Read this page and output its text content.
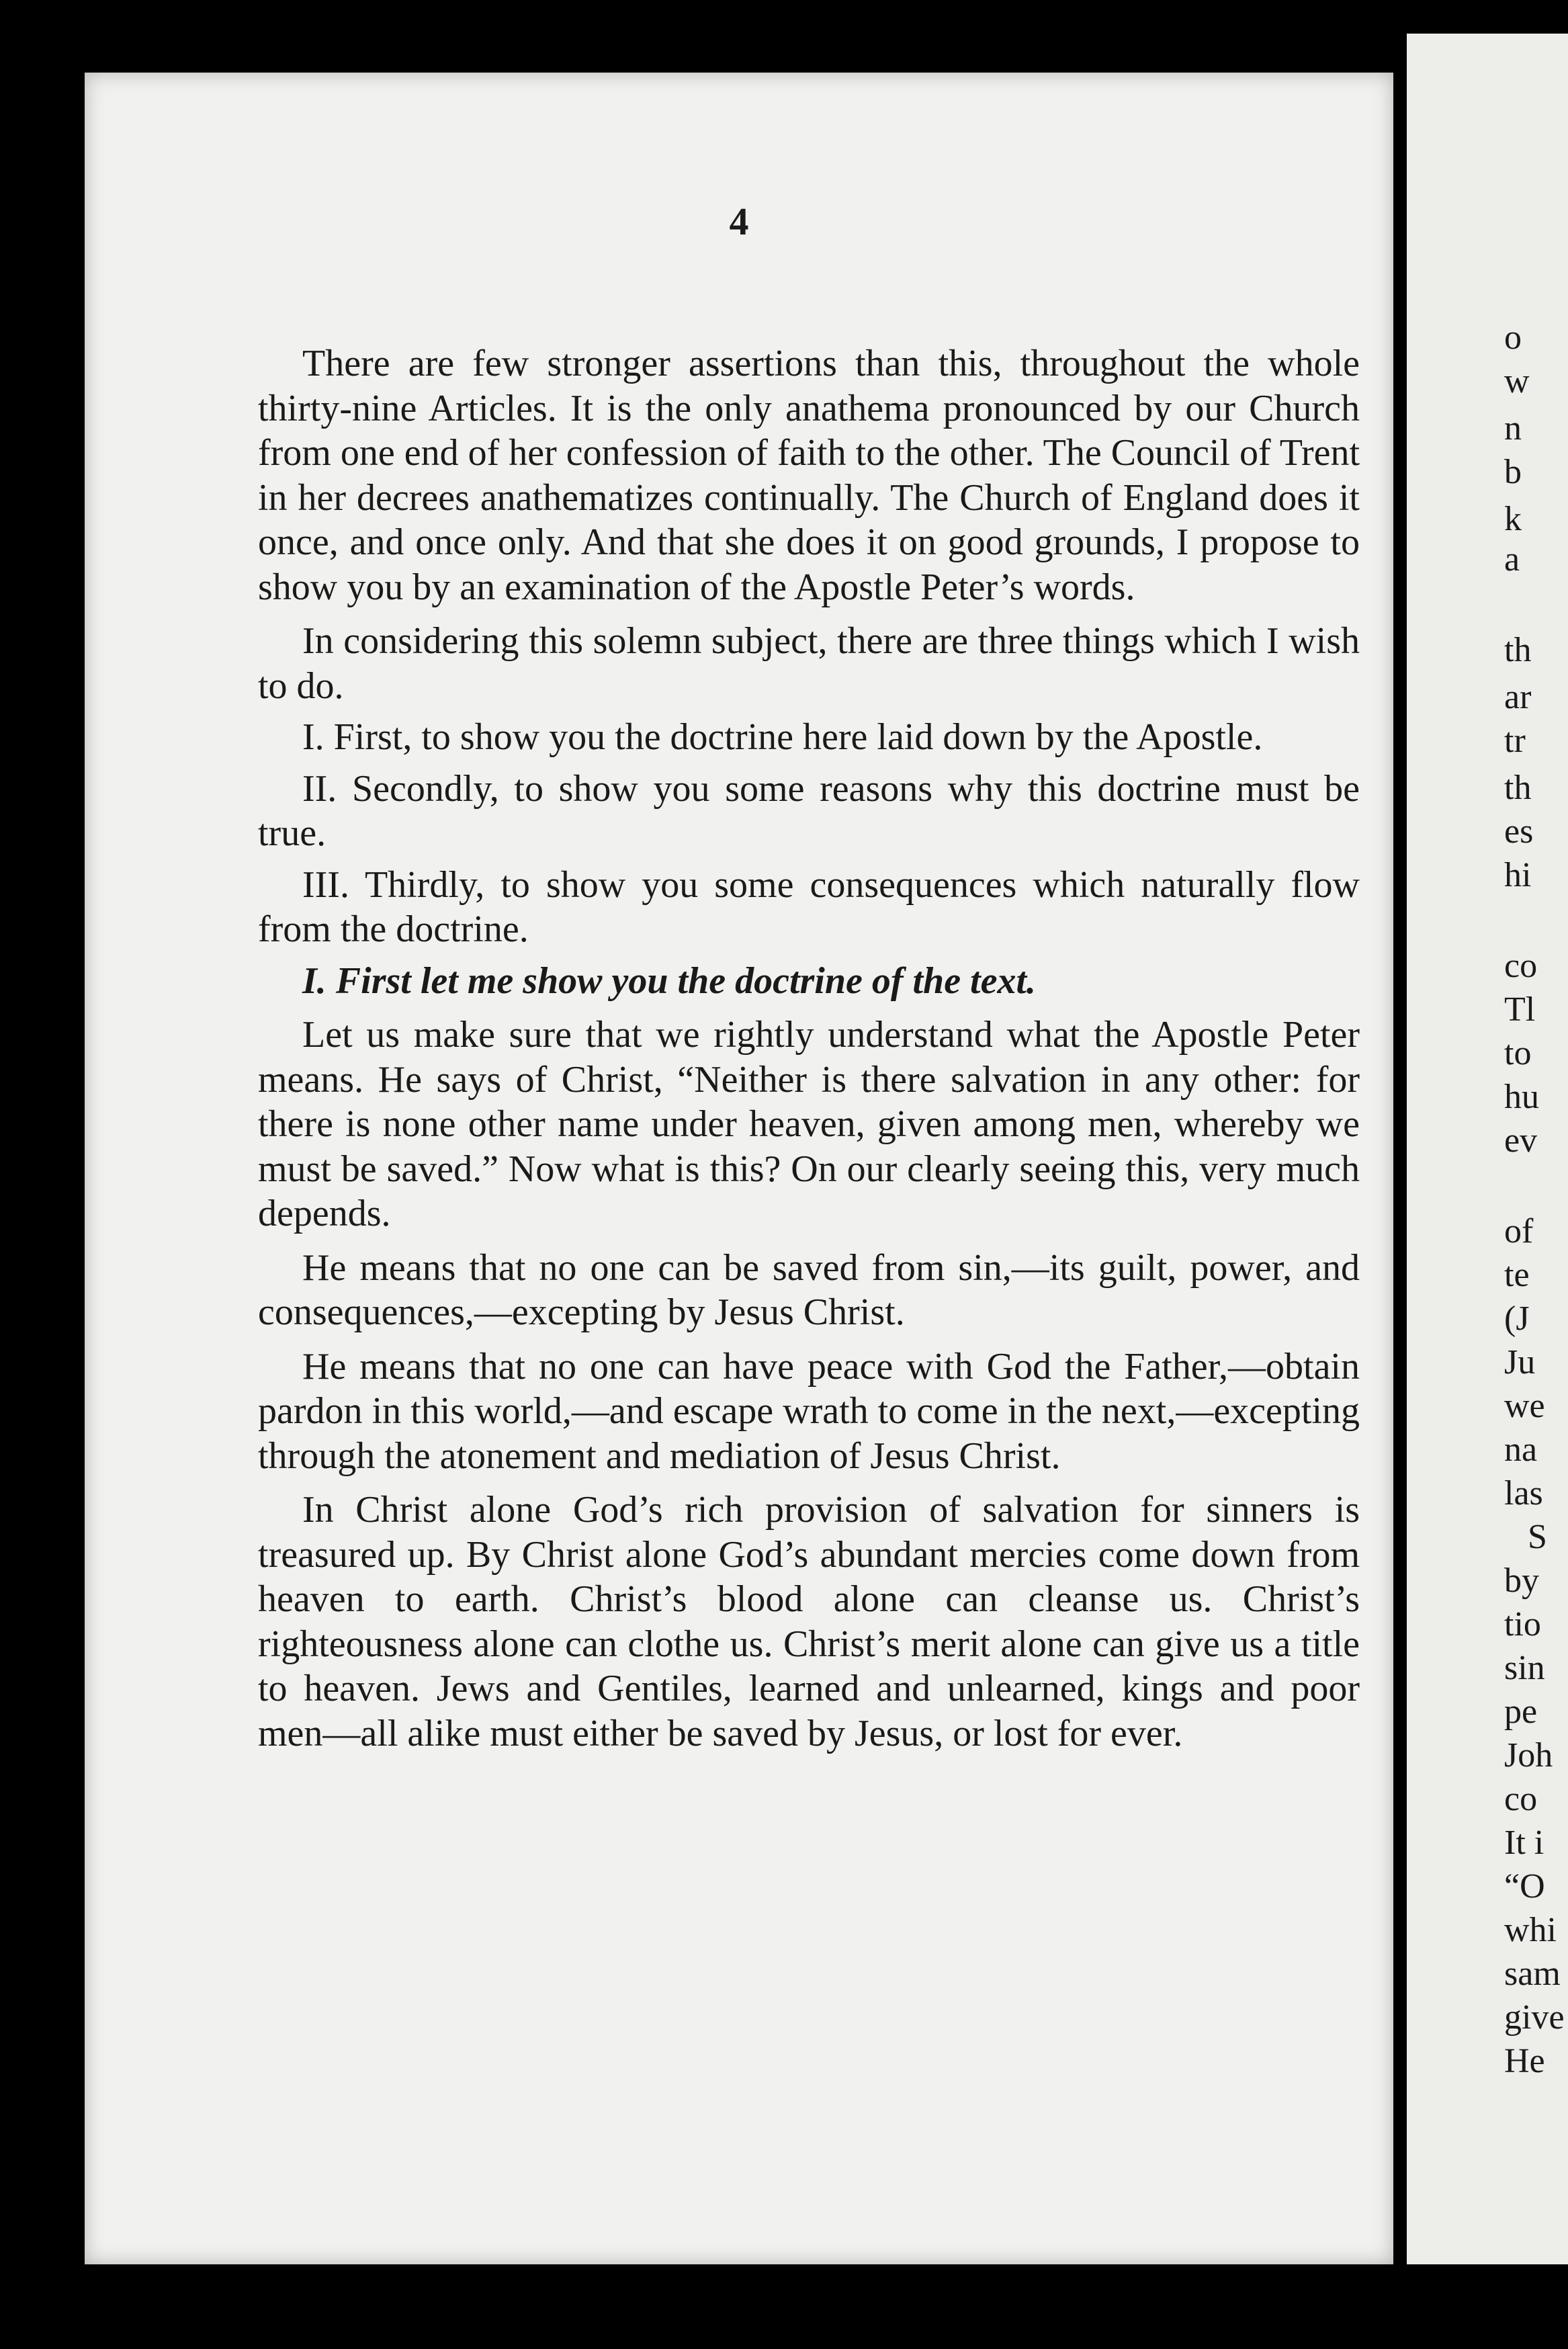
4

There are few stronger assertions than this, throughout the whole thirty-nine Articles. It is the only anathema pronounced by our Church from one end of her confession of faith to the other. The Council of Trent in her decrees anathematizes continually. The Church of England does it once, and once only. And that she does it on good grounds, I propose to show you by an examination of the Apostle Peter’s words.

In considering this solemn subject, there are three things which I wish to do.

I. First, to show you the doctrine here laid down by the Apostle.

II. Secondly, to show you some reasons why this doctrine must be true.

III. Thirdly, to show you some consequences which naturally flow from the doctrine.

I. First let me show you the doctrine of the text.

Let us make sure that we rightly understand what the Apostle Peter means. He says of Christ, “Neither is there salvation in any other: for there is none other name under heaven, given among men, whereby we must be saved.” Now what is this? On our clearly seeing this, very much depends.

He means that no one can be saved from sin,—its guilt, power, and consequences,—excepting by Jesus Christ.

He means that no one can have peace with God the Father,—obtain pardon in this world,—and escape wrath to come in the next,—excepting through the atonement and mediation of Jesus Christ.

In Christ alone God’s rich provision of salvation for sinners is treasured up. By Christ alone God’s abundant mercies come down from heaven to earth. Christ’s blood alone can cleanse us. Christ’s righteousness alone can clothe us. Christ’s merit alone can give us a title to heaven. Jews and Gentiles, learned and unlearned, kings and poor men—all alike must either be saved by Jesus, or lost for ever.

o
w
n
b
k
a
th
ar
tr
th
es
hi
co
Tl
to
hu
ev
of
te
(J
Ju
we
na
las
S
by
tio
sin
pe
Joh
co
It i
“O
whi
sam
give
He
